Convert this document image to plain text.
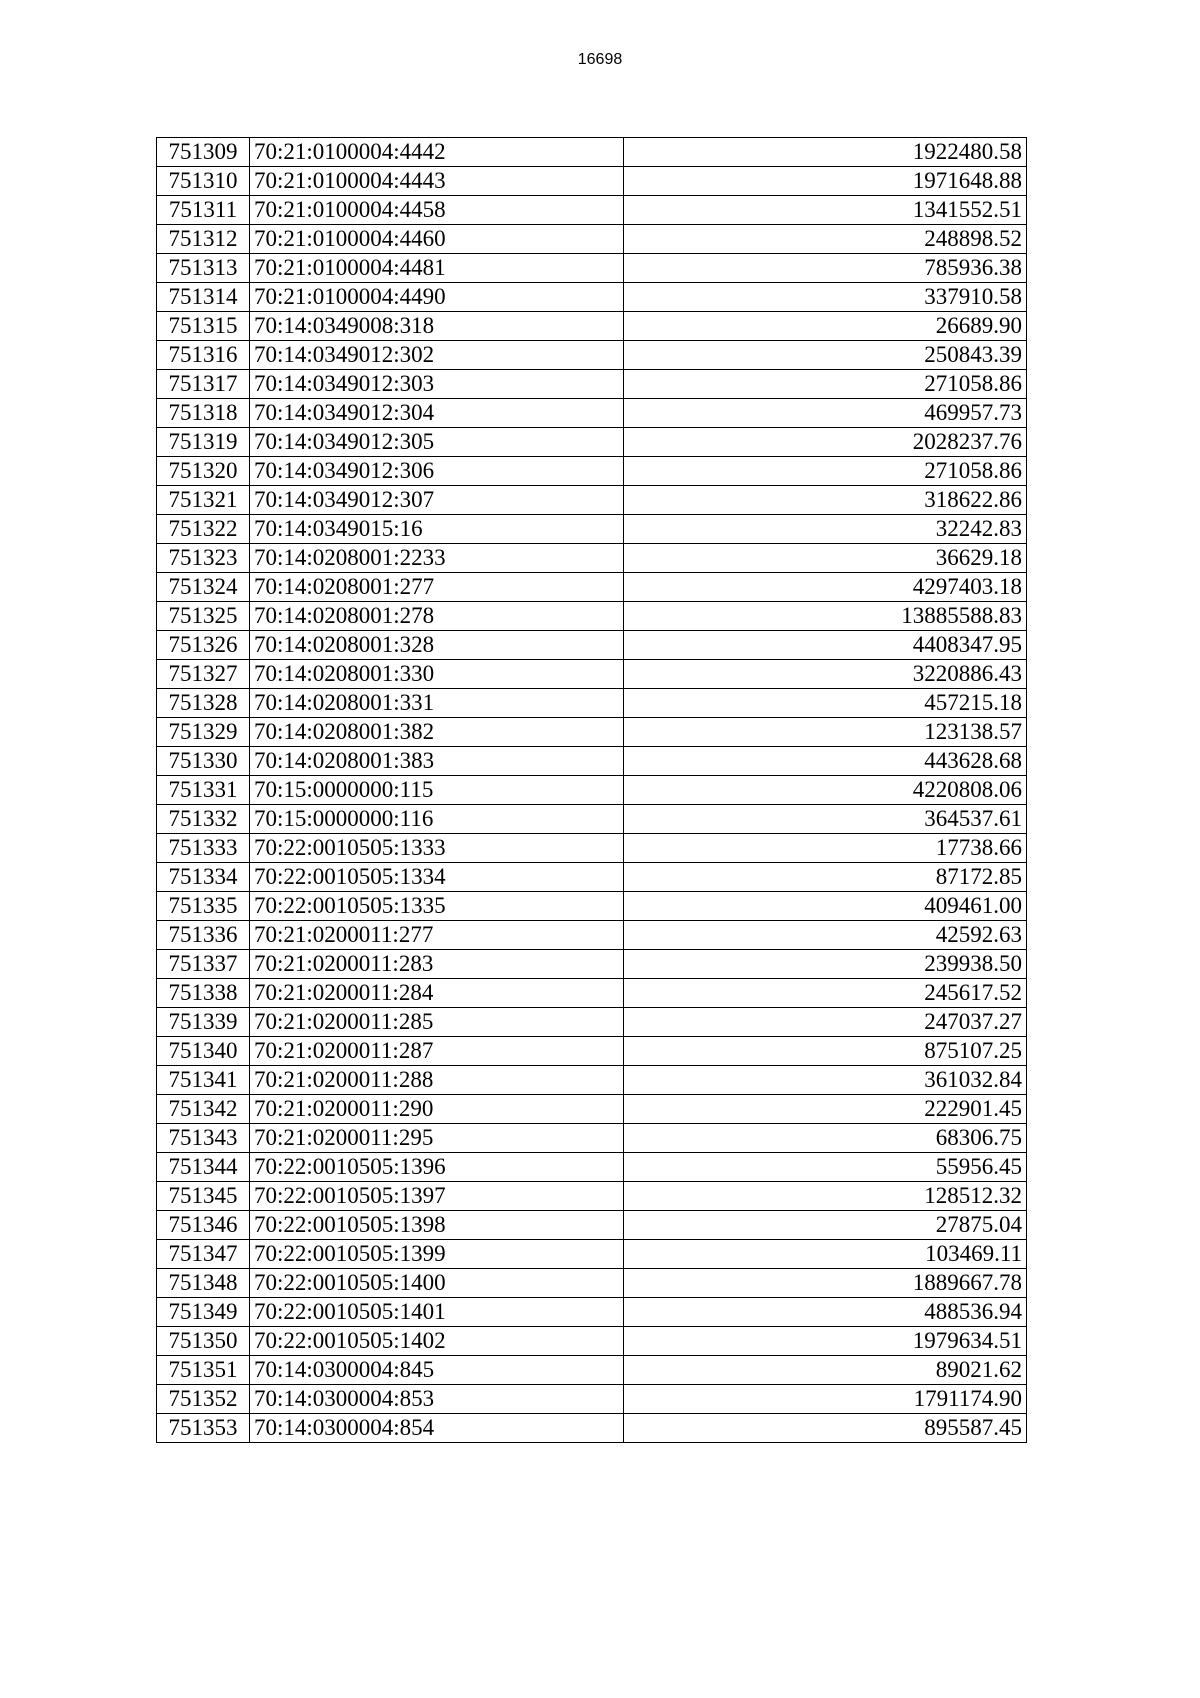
16698
751309	70:21:0100004:4442	1922480.58
751310	70:21:0100004:4443	1971648.88
751311	70:21:0100004:4458	1341552.51
751312	70:21:0100004:4460	248898.52
751313	70:21:0100004:4481	785936.38
751314	70:21:0100004:4490	337910.58
751315	70:14:0349008:318	26689.90
751316	70:14:0349012:302	250843.39
751317	70:14:0349012:303	271058.86
751318	70:14:0349012:304	469957.73
751319	70:14:0349012:305	2028237.76
751320	70:14:0349012:306	271058.86
751321	70:14:0349012:307	318622.86
751322	70:14:0349015:16	32242.83
751323	70:14:0208001:2233	36629.18
751324	70:14:0208001:277	4297403.18
751325	70:14:0208001:278	13885588.83
751326	70:14:0208001:328	4408347.95
751327	70:14:0208001:330	3220886.43
751328	70:14:0208001:331	457215.18
751329	70:14:0208001:382	123138.57
751330	70:14:0208001:383	443628.68
751331	70:15:0000000:115	4220808.06
751332	70:15:0000000:116	364537.61
751333	70:22:0010505:1333	17738.66
751334	70:22:0010505:1334	87172.85
751335	70:22:0010505:1335	409461.00
751336	70:21:0200011:277	42592.63
751337	70:21:0200011:283	239938.50
751338	70:21:0200011:284	245617.52
751339	70:21:0200011:285	247037.27
751340	70:21:0200011:287	875107.25
751341	70:21:0200011:288	361032.84
751342	70:21:0200011:290	222901.45
751343	70:21:0200011:295	68306.75
751344	70:22:0010505:1396	55956.45
751345	70:22:0010505:1397	128512.32
751346	70:22:0010505:1398	27875.04
751347	70:22:0010505:1399	103469.11
751348	70:22:0010505:1400	1889667.78
751349	70:22:0010505:1401	488536.94
751350	70:22:0010505:1402	1979634.51
751351	70:14:0300004:845	89021.62
751352	70:14:0300004:853	1791174.90
751353	70:14:0300004:854	895587.45
